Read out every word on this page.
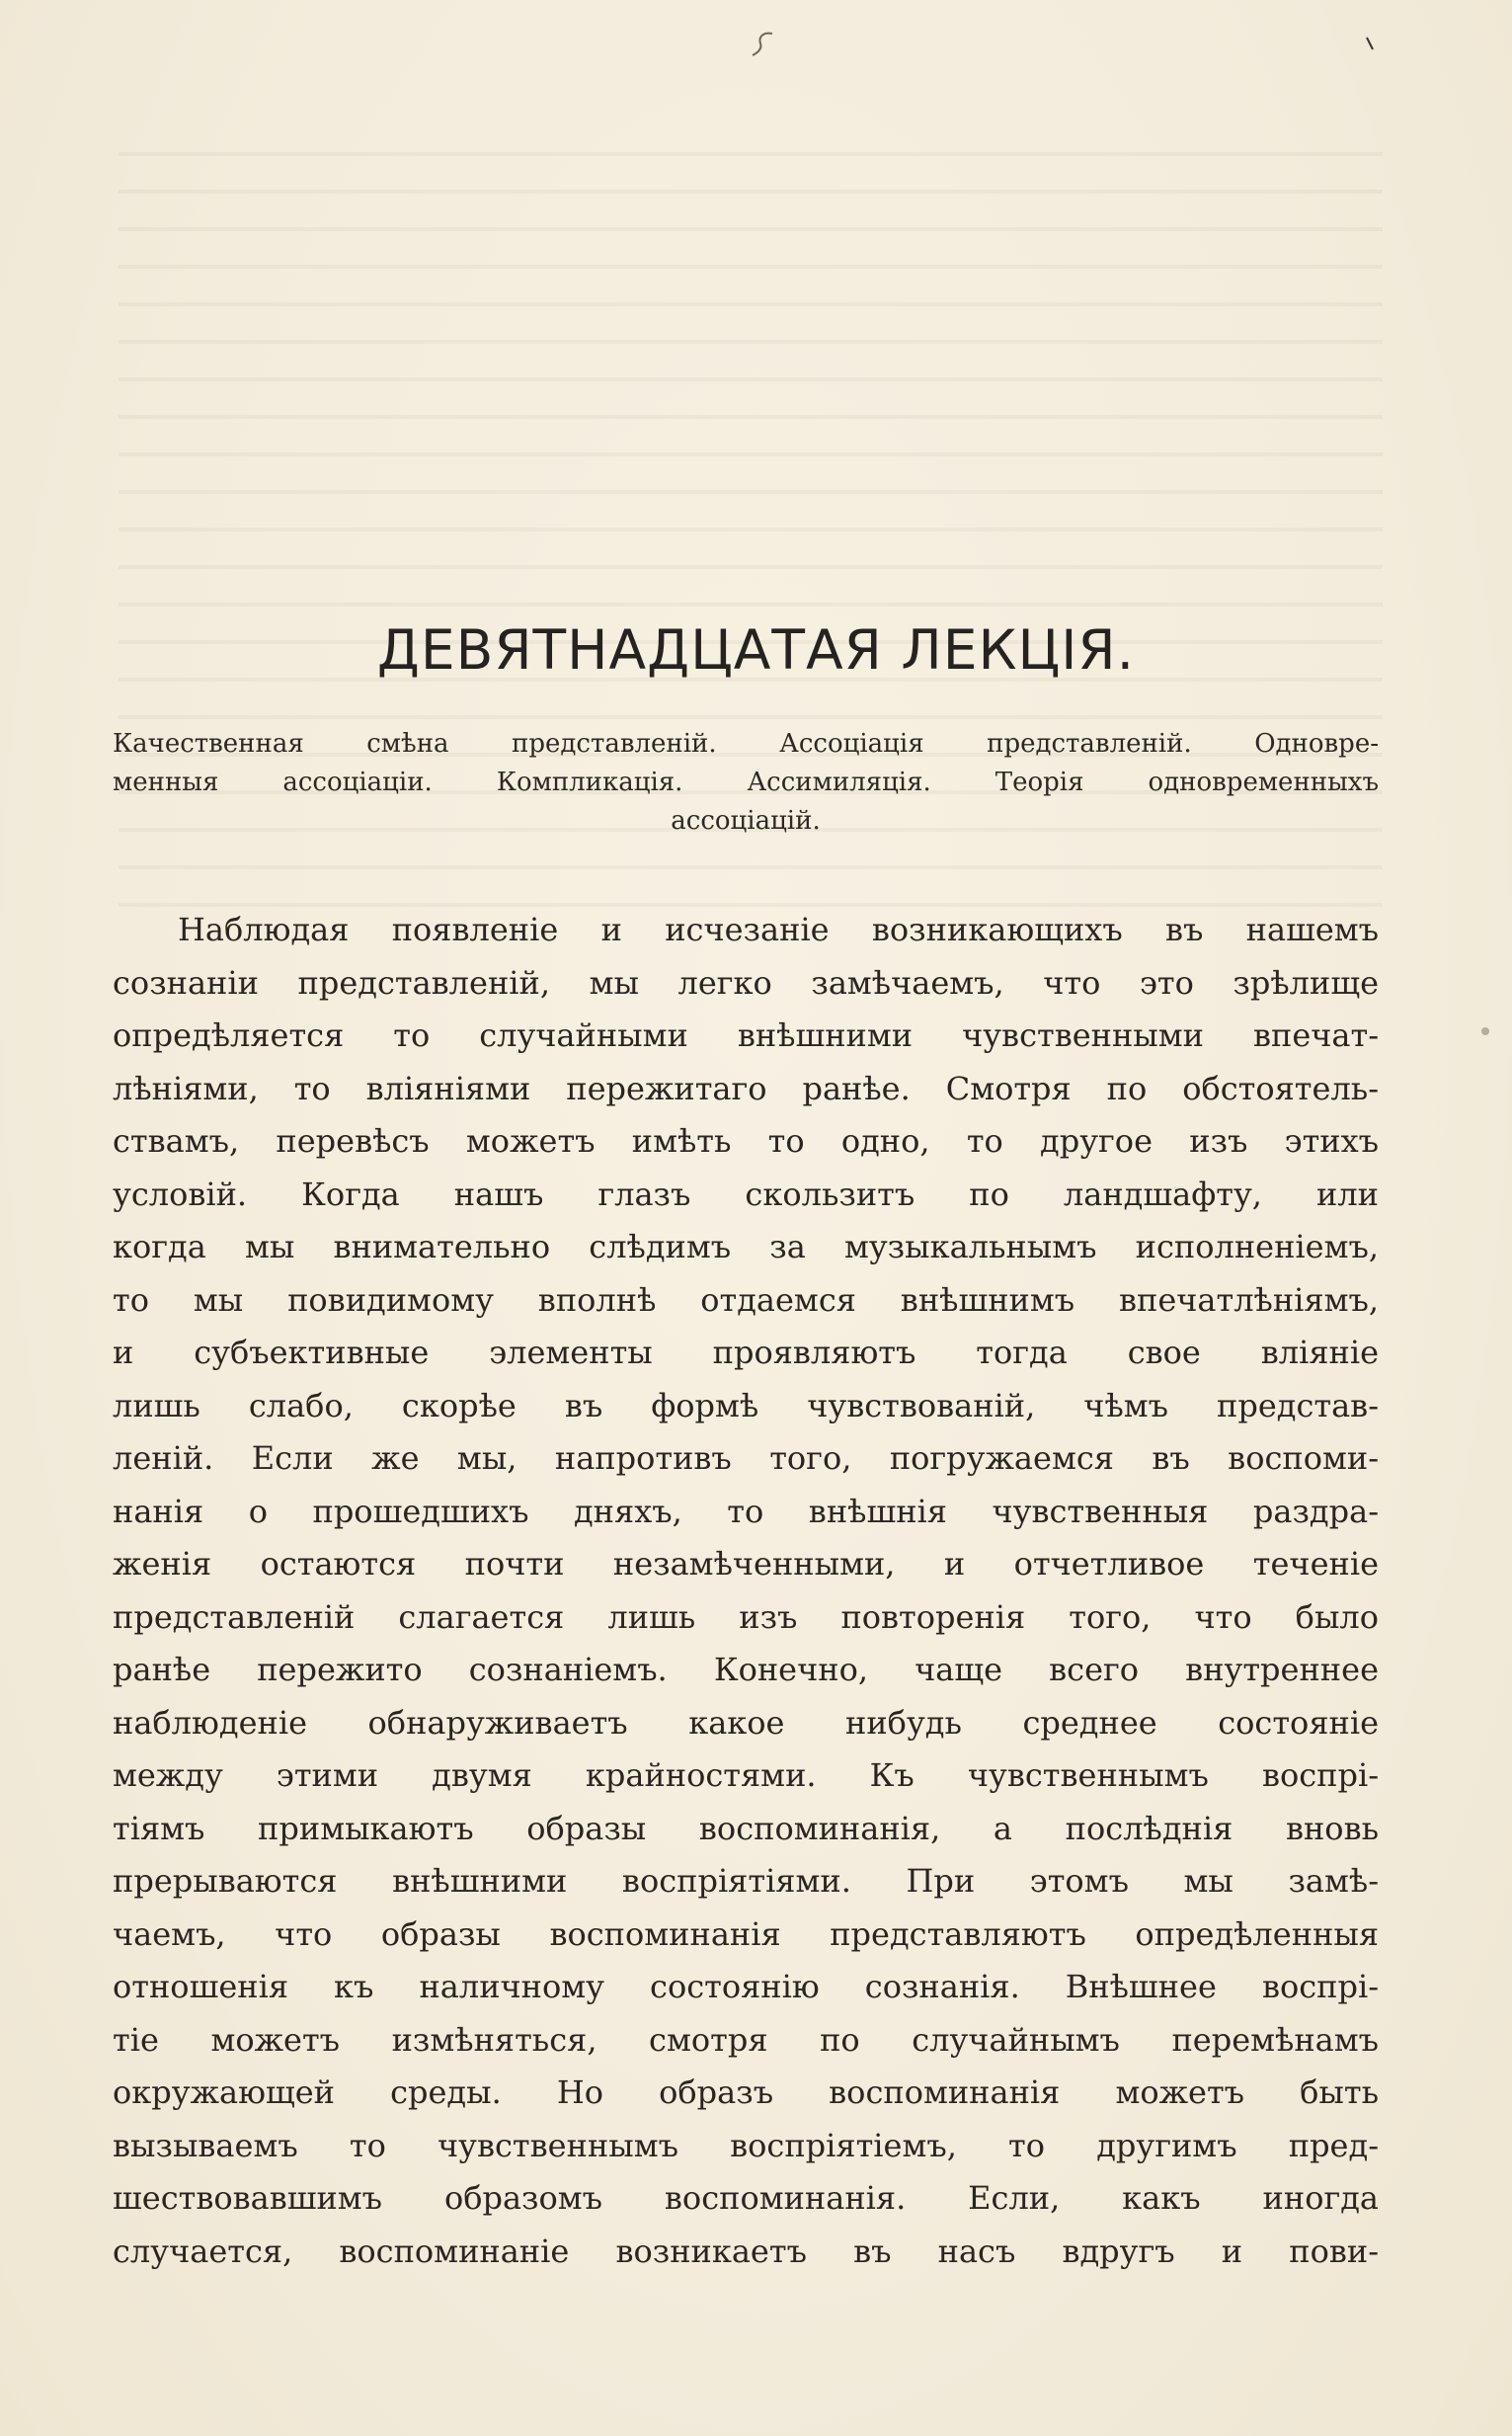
ДЕВЯТНАДЦАТАЯ ЛЕКЦІЯ.
Качественная смѣна представленій. Ассоціація представленій. Одновре-
менныя ассоціаціи. Компликація. Ассимиляція. Теорія одновременныхъ
ассоціацій.
Наблюдая появленіе и исчезаніе возникающихъ въ нашемъ
сознаніи представленій, мы легко замѣчаемъ, что это зрѣлище
опредѣляется то случайными внѣшними чувственными впечат-
лѣніями, то вліяніями пережитаго ранѣе. Смотря по обстоятель-
ствамъ, перевѣсъ можетъ имѣть то одно, то другое изъ этихъ
условій. Когда нашъ глазъ скользитъ по ландшафту, или
когда мы внимательно слѣдимъ за музыкальнымъ исполненіемъ,
то мы повидимому вполнѣ отдаемся внѣшнимъ впечатлѣніямъ,
и субъективные элементы проявляютъ тогда свое вліяніе
лишь слабо, скорѣе въ формѣ чувствованій, чѣмъ представ-
леній. Если же мы, напротивъ того, погружаемся въ воспоми-
нанія о прошедшихъ дняхъ, то внѣшнія чувственныя раздра-
женія остаются почти незамѣченными, и отчетливое теченіе
представленій слагается лишь изъ повторенія того, что было
ранѣе пережито сознаніемъ. Конечно, чаще всего внутреннее
наблюденіе обнаруживаетъ какое нибудь среднее состояніе
между этими двумя крайностями. Къ чувственнымъ воспрі-
тіямъ примыкаютъ образы воспоминанія, а послѣднія вновь
прерываются внѣшними воспріятіями. При этомъ мы замѣ-
чаемъ, что образы воспоминанія представляютъ опредѣленныя
отношенія къ наличному состоянію сознанія. Внѣшнее воспрі-
тіе можетъ измѣняться, смотря по случайнымъ перемѣнамъ
окружающей среды. Но образъ воспоминанія можетъ быть
вызываемъ то чувственнымъ воспріятіемъ, то другимъ пред-
шествовавшимъ образомъ воспоминанія. Если, какъ иногда
случается, воспоминаніе возникаетъ въ насъ вдругъ и пови-
